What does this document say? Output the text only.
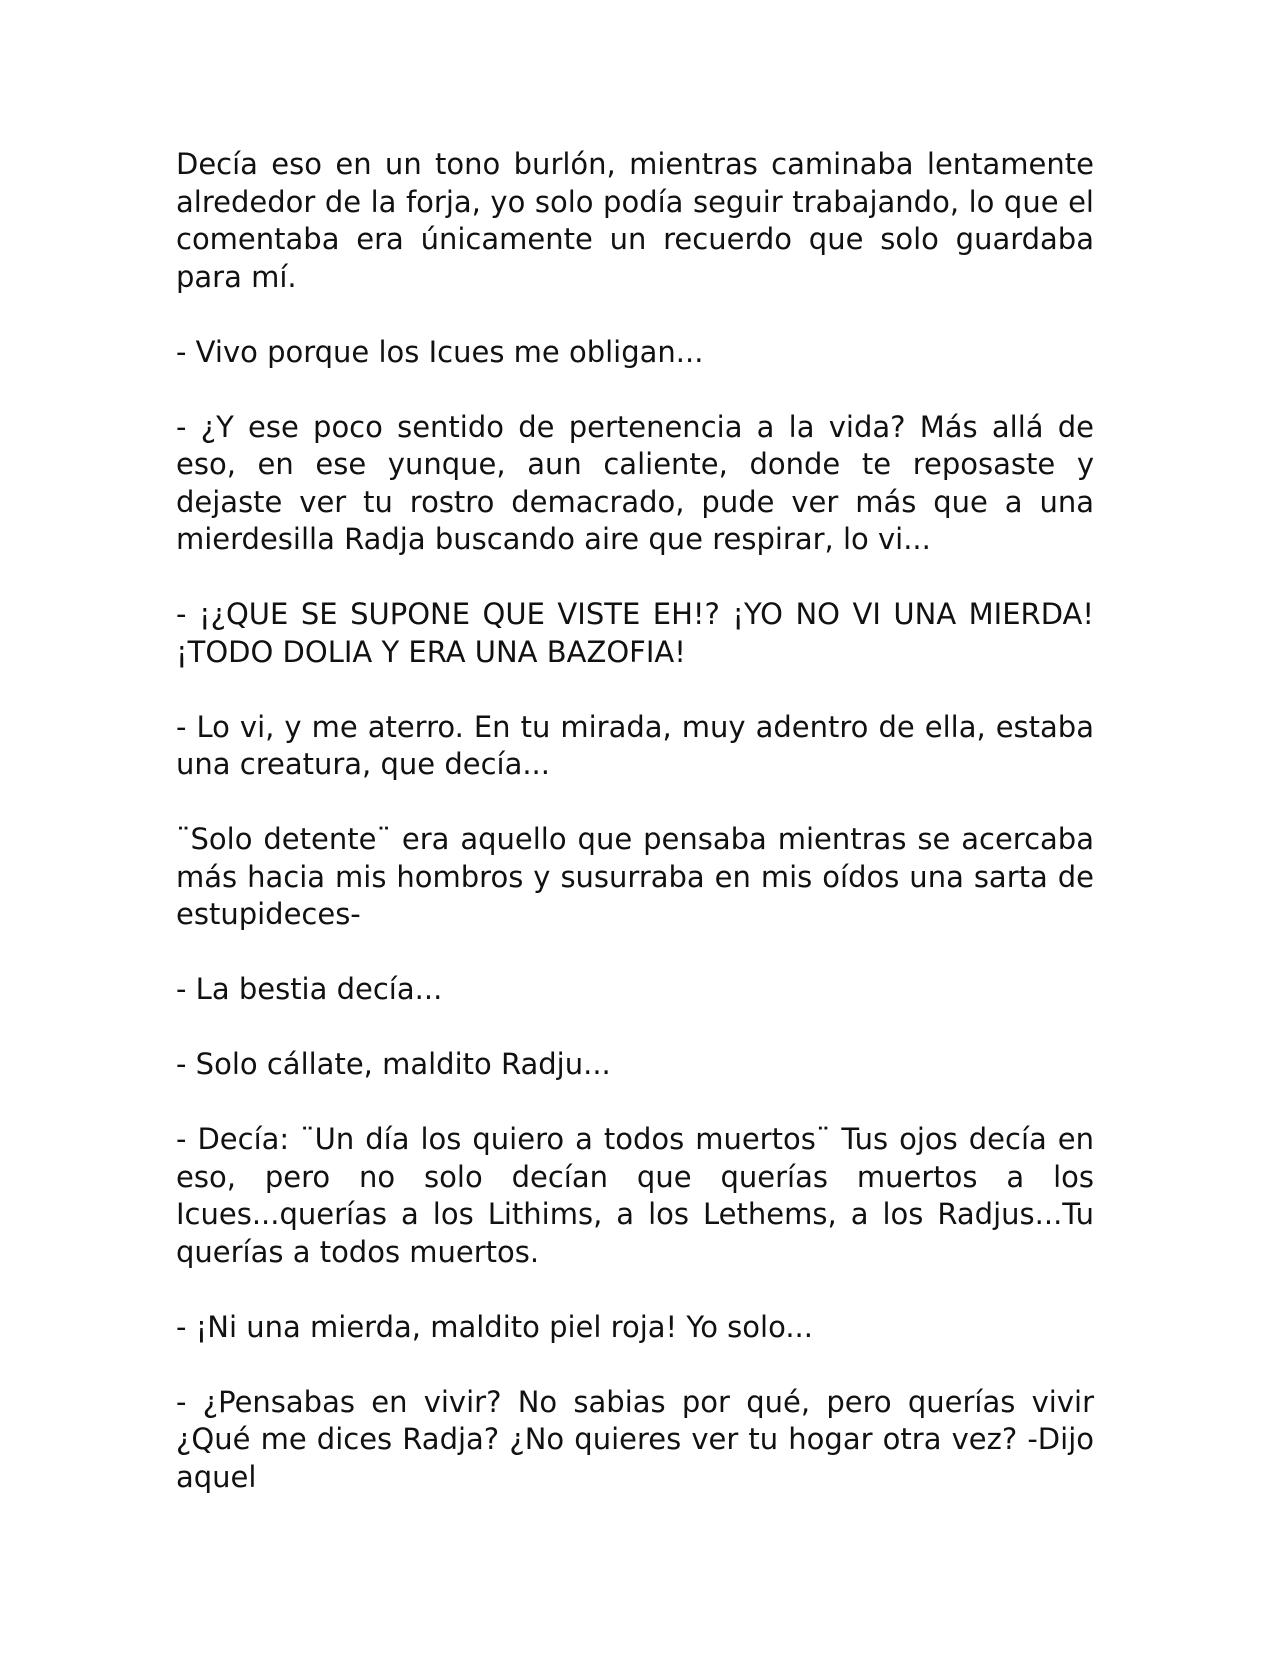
Decía eso en un tono burlón, mientras caminaba lentamente alrededor de la forja, yo solo podía seguir trabajando, lo que el comentaba era únicamente un recuerdo que solo guardaba para mí.

- Vivo porque los Icues me obligan...

- ¿Y ese poco sentido de pertenencia a la vida? Más allá de eso, en ese yunque, aun caliente, donde te reposaste y dejaste ver tu rostro demacrado, pude ver más que a una mierdesilla Radja buscando aire que respirar, lo vi...

- ¡¿QUE SE SUPONE QUE VISTE EH!? ¡YO NO VI UNA MIERDA! ¡TODO DOLIA Y ERA UNA BAZOFIA!

- Lo vi, y me aterro. En tu mirada, muy adentro de ella, estaba una creatura, que decía...

¨Solo detente¨ era aquello que pensaba mientras se acercaba más hacia mis hombros y susurraba en mis oídos una sarta de estupideces-

- La bestia decía...

- Solo cállate, maldito Radju...

- Decía: ¨Un día los quiero a todos muertos¨ Tus ojos decía en eso, pero no solo decían que querías muertos a los Icues...querías a los Lithims, a los Lethems, a los Radjus...Tu querías a todos muertos.

- ¡Ni una mierda, maldito piel roja! Yo solo...

- ¿Pensabas en vivir? No sabias por qué, pero querías vivir ¿Qué me dices Radja? ¿No quieres ver tu hogar otra vez? -Dijo aquel
